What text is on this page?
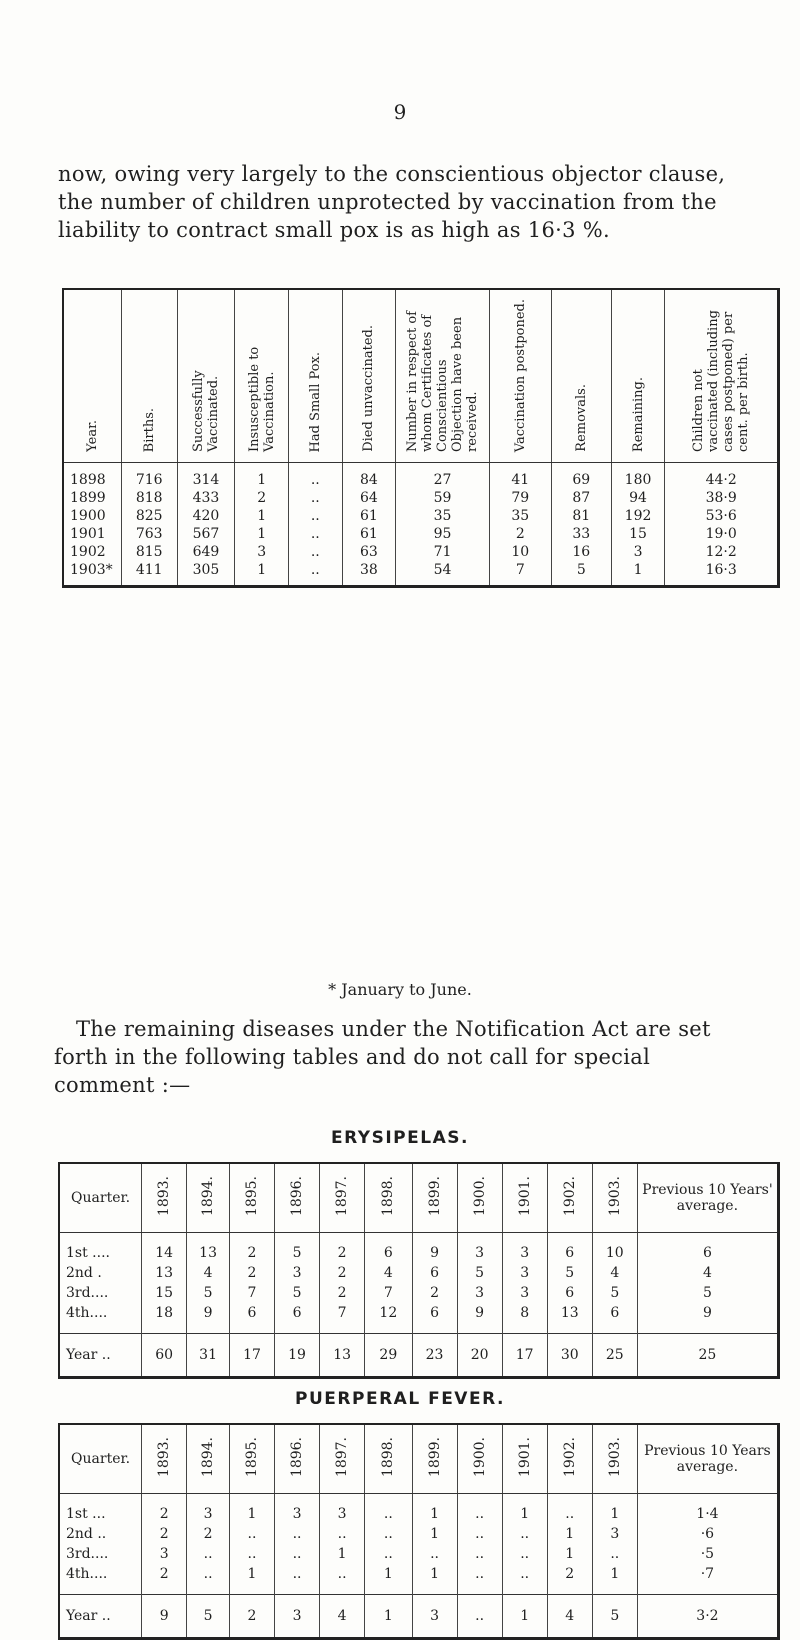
9

now, owing very largely to the conscientious objector clause, the number of children unprotected by vaccination from the liability to contract small pox is as high as 16·3 %.

Year.	Births.	Successfully Vaccinated.	Insusceptible to Vaccination.	Had Small Pox.	Died unvaccinated.	Number in respect of whom Certificates of Conscientious Objection have been received.	Vaccination postponed.	Removals.	Remaining.	Children not vaccinated (including cases postponed) per cent. per birth.
1898	716	314	1	..	84	27	41	69	180	44·2
1899	818	433	2	..	64	59	79	87	94	38·9
1900	825	420	1	..	61	35	35	81	192	53·6
1901	763	567	1	..	61	95	2	33	15	19·0
1902	815	649	3	..	63	71	10	16	3	12·2
1903*	411	305	1	..	38	54	7	5	1	16·3
* January to June.

The remaining diseases under the Notification Act are set forth in the following tables and do not call for special comment :—

ERYSIPELAS.
Quarter.	1893.	1894.	1895.	1896.	1897.	1898.	1899.	1900.	1901.	1902.	1903.	Previous 10 Years' average.
1st ....	14	13	2	5	2	6	9	3	3	6	10	6
2nd .	13	4	2	3	2	4	6	5	3	5	4	4
3rd....	15	5	7	5	2	7	2	3	3	6	5	5
4th....	18	9	6	6	7	12	6	9	8	13	6	9
Year ..	60	31	17	19	13	29	23	20	17	30	25	25
PUERPERAL FEVER.
Quarter.	1893.	1894.	1895.	1896.	1897.	1898.	1899.	1900.	1901.	1902.	1903.	Previous 10 Years average.
1st ...	2	3	1	3	3	..	1	..	1	..	1	1·4
2nd ..	2	2	..	..	..	..	1	..	..	1	3	·6
3rd....	3	..	..	..	1	..	..	..	..	1	..	·5
4th....	2	..	1	..	..	1	1	..	..	2	1	·7
Year ..	9	5	2	3	4	1	3	..	1	4	5	3·2
